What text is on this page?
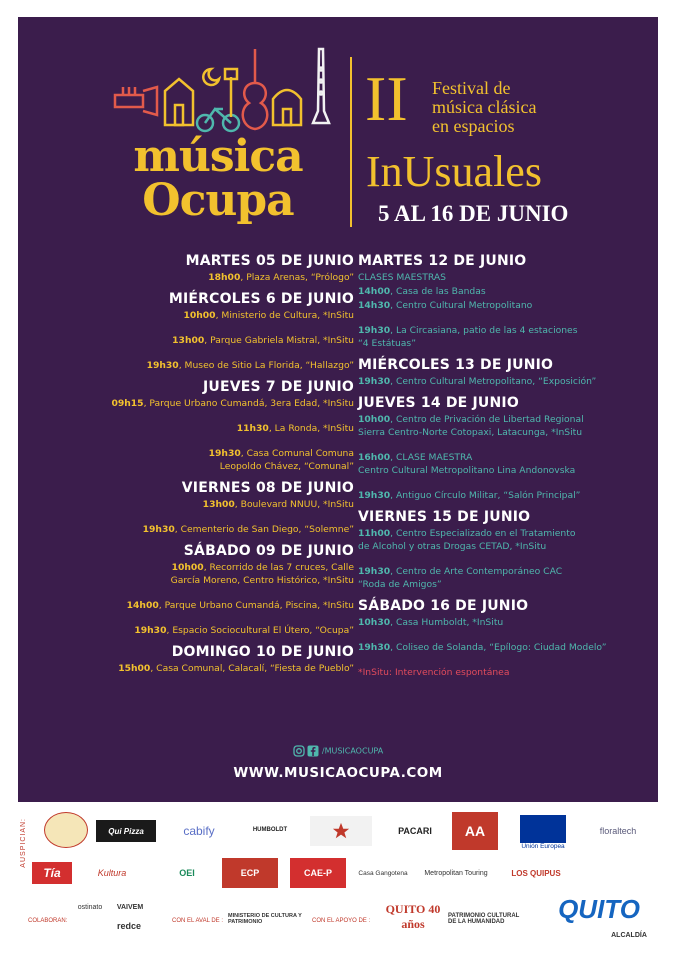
música
Ocupa
II Festival de
música clásica
en espacios
InUsuales
5 AL 16 DE JUNIO
MARTES 05 DE JUNIO
18h00, Plaza Arenas, “Prólogo”
MIÉRCOLES 6 DE JUNIO
10h00, Ministerio de Cultura, *InSitu
13h00, Parque Gabriela Mistral, *InSitu
19h30, Museo de Sitio La Florida, “Hallazgo”
JUEVES 7 DE JUNIO
09h15, Parque Urbano Cumandá, 3era Edad, *InSitu
11h30, La Ronda, *InSitu
19h30, Casa Comunal Comuna
Leopoldo Chávez, “Comunal”
VIERNES 08 DE JUNIO
13h00, Boulevard NNUU, *InSitu
19h30, Cementerio de San Diego, “Solemne”
SÁBADO 09 DE JUNIO
10h00, Recorrido de las 7 cruces, Calle
García Moreno, Centro Histórico, *InSitu
14h00, Parque Urbano Cumandá, Piscina, *InSitu
19h30, Espacio Sociocultural El Útero, “Ocupa”
DOMINGO 10 DE JUNIO
15h00, Casa Comunal, Calacalí, “Fiesta de Pueblo”
MARTES 12 DE JUNIO
CLASES MAESTRAS
14h00, Casa de las Bandas
14h30, Centro Cultural Metropolitano
19h30, La Circasiana, patio de las 4 estaciones
“4 Estátuas”
MIÉRCOLES 13 DE JUNIO
19h30, Centro Cultural Metropolitano, “Exposición”
JUEVES 14 DE JUNIO
10h00, Centro de Privación de Libertad Regional
Sierra Centro-Norte Cotopaxi, Latacunga, *InSitu
16h00, CLASE MAESTRA
Centro Cultural Metropolitano Lina Andonovska
19h30, Antiguo Círculo Militar, “Salón Principal”
VIERNES 15 DE JUNIO
11h00, Centro Especializado en el Tratamiento
de Alcohol y otras Drogas CETAD, *InSitu
19h30, Centro de Arte Contemporáneo CAC
“Roda de Amigos”
SÁBADO 16 DE JUNIO
10h30, Casa Humboldt, *InSitu
19h30, Coliseo de Solanda, “Epílogo: Ciudad Modelo”
*InSitu: Intervención espontánea
/MUSICAOCUPA
WWW.MUSICAOCUPA.COM
AUSPICIAN:	Qui Pizza	cabify	HUMBOLDT	PACARI	AA
Unión Europea
floraltech
Tía	Kultura	OEI	ECP	CAE-P	Casa Gangotena	Metropolitan Touring	LOS QUIPUS
COLABORAN:
ostinato	VAIVEM
redce	CON EL AVAL DE :
MINISTERIO DE CULTURA Y PATRIMONIO	CON EL APOYO DE :
QUITO 40 años
PATRIMONIO CULTURAL DE LA HUMANIDAD	QUITO
ALCALDÍA
